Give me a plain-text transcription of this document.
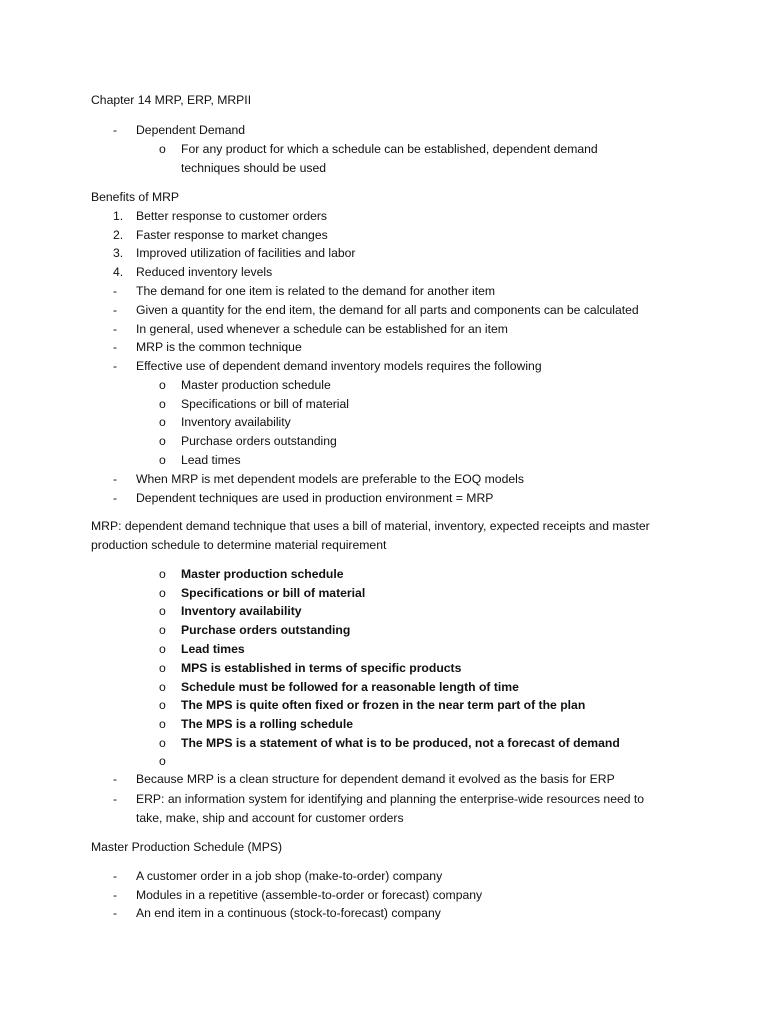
Chapter 14 MRP, ERP, MRPII
- Dependent Demand
o For any product for which a schedule can be established, dependent demand
techniques should be used
Benefits of MRP
1. Better response to customer orders
2. Faster response to market changes
3. Improved utilization of facilities and labor
4. Reduced inventory levels
- The demand for one item is related to the demand for another item
- Given a quantity for the end item, the demand for all parts and components can be calculated
- In general, used whenever a schedule can be established for an item
- MRP is the common technique
- Effective use of dependent demand inventory models requires the following
o Master production schedule
o Specifications or bill of material
o Inventory availability
o Purchase orders outstanding
o Lead times
- When MRP is met dependent models are preferable to the EOQ models
- Dependent techniques are used in production environment = MRP
MRP: dependent demand technique that uses a bill of material, inventory, expected receipts and master
production schedule to determine material requirement
o Master production schedule
o Specifications or bill of material
o Inventory availability
o Purchase orders outstanding
o Lead times
o MPS is established in terms of specific products
o Schedule must be followed for a reasonable length of time
o The MPS is quite often fixed or frozen in the near term part of the plan
o The MPS is a rolling schedule
o The MPS is a statement of what is to be produced, not a forecast of demand
o
- Because MRP is a clean structure for dependent demand it evolved as the basis for ERP
- ERP: an information system for identifying and planning the enterprise-wide resources need to
take, make, ship and account for customer orders
Master Production Schedule (MPS)
- A customer order in a job shop (make-to-order) company
- Modules in a repetitive (assemble-to-order or forecast) company
- An end item in a continuous (stock-to-forecast) company
